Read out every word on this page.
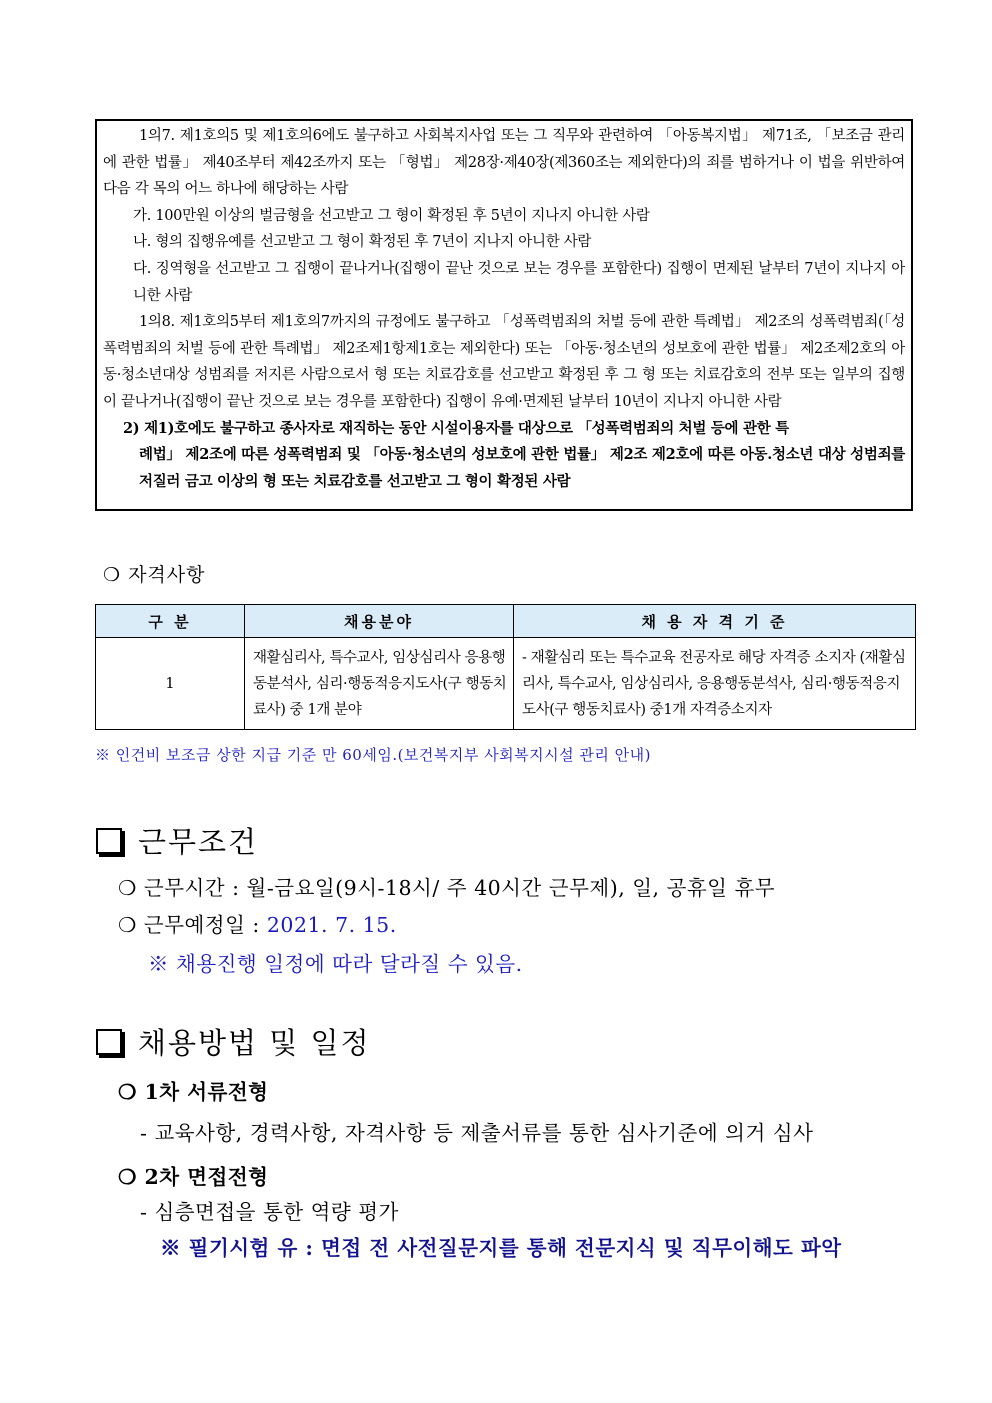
1의7. 제1호의5 및 제1호의6에도 불구하고 사회복지사업 또는 그 직무와 관련하여 「아동복지법」 제71조, 「보조금 관리에 관한 법률」 제40조부터 제42조까지 또는 「형법」 제28장·제40장(제360조는 제외한다)의 죄를 범하거나 이 법을 위반하여 다음 각 목의 어느 하나에 해당하는 사람

가. 100만원 이상의 벌금형을 선고받고 그 형이 확정된 후 5년이 지나지 아니한 사람

나. 형의 집행유예를 선고받고 그 형이 확정된 후 7년이 지나지 아니한 사람

다. 징역형을 선고받고 그 집행이 끝나거나(집행이 끝난 것으로 보는 경우를 포함한다) 집행이 면제된 날부터 7년이 지나지 아니한 사람

1의8. 제1호의5부터 제1호의7까지의 규정에도 불구하고 「성폭력범죄의 처벌 등에 관한 특례법」 제2조의 성폭력범죄(「성폭력범죄의 처벌 등에 관한 특례법」 제2조제1항제1호는 제외한다) 또는 「아동·청소년의 성보호에 관한 법률」 제2조제2호의 아동·청소년대상 성범죄를 저지른 사람으로서 형 또는 치료감호를 선고받고 확정된 후 그 형 또는 치료감호의 전부 또는 일부의 집행이 끝나거나(집행이 끝난 것으로 보는 경우를 포함한다) 집행이 유예·면제된 날부터 10년이 지나지 아니한 사람

2) 제1)호에도 불구하고 종사자로 재직하는 동안 시설이용자를 대상으로 「성폭력범죄의 처벌 등에 관한 특
례법」 제2조에 따른 성폭력범죄 및 「아동·청소년의 성보호에 관한 법률」 제2조 제2호에 따른 아동.청소년 대상 성범죄를 저질러 금고 이상의 형 또는 치료감호를 선고받고 그 형이 확정된 사람

❍ 자격사항
구 분	채용분야	채 용 자 격 기 준
1	재활심리사, 특수교사, 임상심리사 응용행동분석사, 심리·행동적응지도사(구 행동치료사) 중 1개 분야	- 재활심리 또는 특수교육 전공자로 해당 자격증 소지자 (재활심리사, 특수교사, 임상심리사, 응용행동분석사, 심리·행동적응지도사(구 행동치료사) 중1개 자격증소지자
※ 인건비 보조금 상한 지급 기준 만 60세임.(보건복지부 사회복지시설 관리 안내)
근무조건
❍ 근무시간 : 월-금요일(9시-18시/ 주 40시간 근무제), 일, 공휴일 휴무
❍ 근무예정일 : 2021. 7. 15.
※ 채용진행 일정에 따라 달라질 수 있음.
채용방법 및 일정
❍ 1차 서류전형
- 교육사항, 경력사항, 자격사항 등 제출서류를 통한 심사기준에 의거 심사
❍ 2차 면접전형
- 심층면접을 통한 역량 평가
※ 필기시험 유 : 면접 전 사전질문지를 통해 전문지식 및 직무이해도 파악
